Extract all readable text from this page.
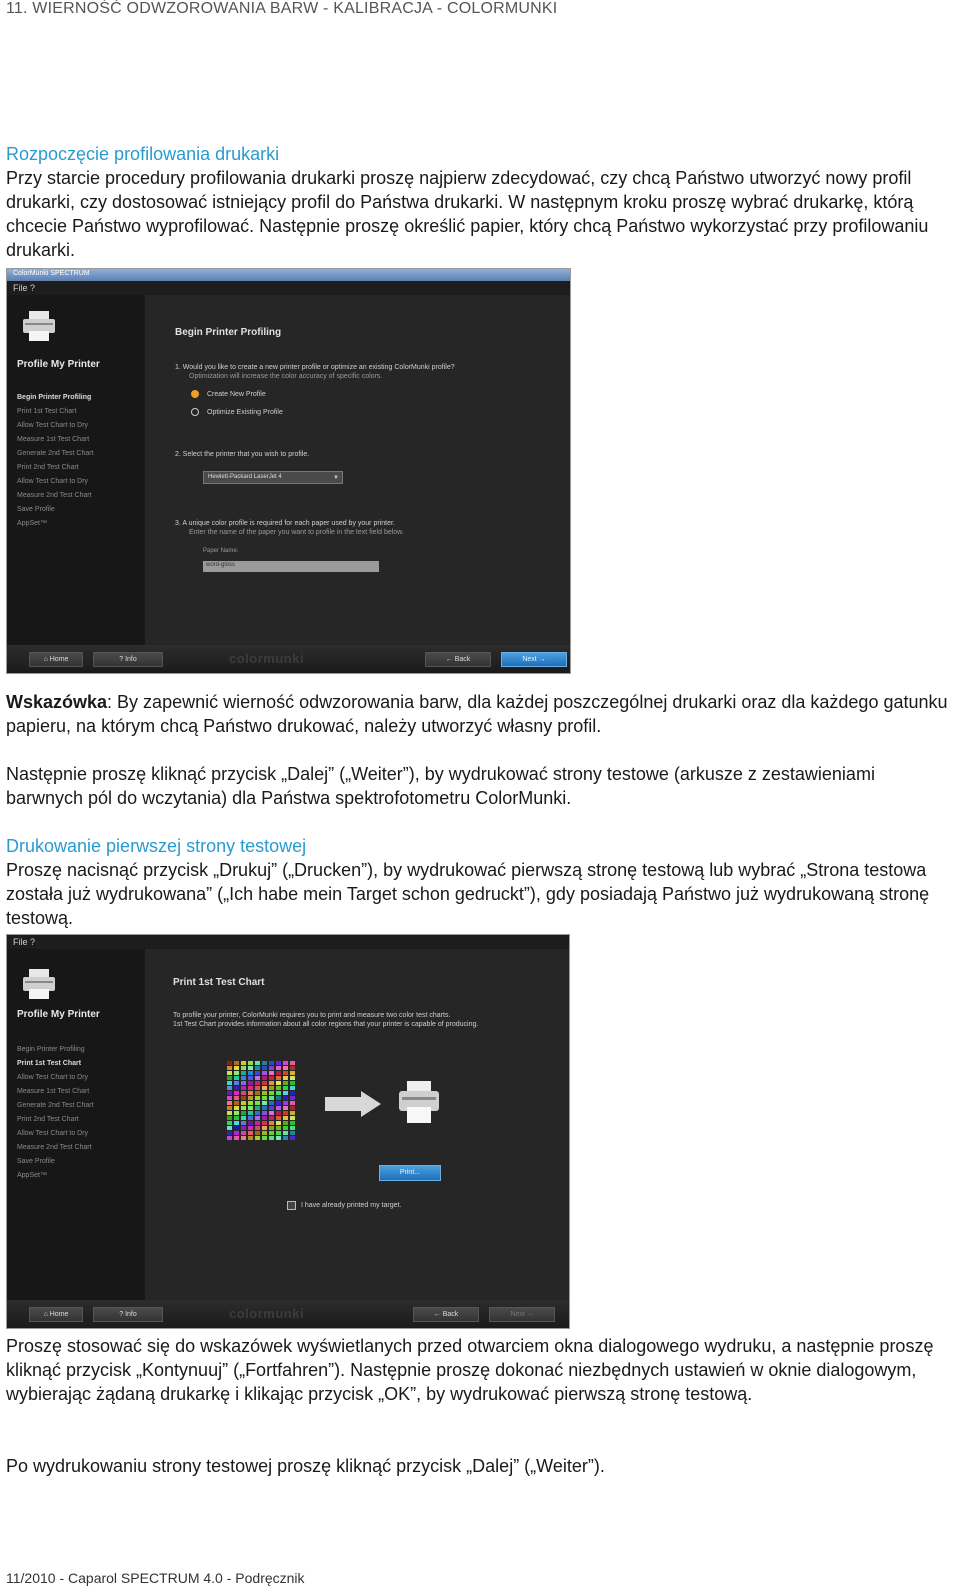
11. WIERNOŚĆ ODWZOROWANIA BARW - KALIBRACJA - COLORMUNKI

Rozpoczęcie profilowania drukarki
Przy starcie procedury profilowania drukarki proszę najpierw zdecydować, czy chcą Państwo utworzyć nowy profil drukarki, czy dostosować istniejący profil do Państwa drukarki. W następnym kroku proszę wybrać drukarkę, którą chcecie Państwo wyprofilować. Następnie proszę określić papier, który chcą Państwo wykorzystać przy profilowaniu drukarki.

ColorMunki SPECTRUM
File ?
Profile My Printer
Begin Printer Profiling
Print 1st Test Chart
Allow Test Chart to Dry
Measure 1st Test Chart
Generate 2nd Test Chart
Print 2nd Test Chart
Allow Test Chart to Dry
Measure 2nd Test Chart
Save Profile
AppSet™
Begin Printer Profiling
1. Would you like to create a new printer profile or optimize an existing ColorMunki profile?
Optimization will increase the color accuracy of specific colors.
Create New Profile
Optimize Existing Profile
2. Select the printer that you wish to profile.
Hewlett-Packard LaserJet 4	▼
3. A unique color profile is required for each paper used by your printer.
Enter the name of the paper you want to profile in the text field below.
Paper Name:
word-gloss
⌂ Home	? Info	colormunki	← Back	Next →

Wskazówka: By zapewnić wierność odwzorowania barw, dla każdej poszczególnej drukarki oraz dla każdego gatunku papieru, na którym chcą Państwo drukować, należy utworzyć własny profil.

Następnie proszę kliknąć przycisk „Dalej” („Weiter”), by wydrukować strony testowe (arkusze z zestawieniami barwnych pól do wczytania) dla Państwa spektrofotometru ColorMunki.

Drukowanie pierwszej strony testowej
Proszę nacisnąć przycisk „Drukuj” („Drucken”), by wydrukować pierwszą stronę testową lub wybrać „Strona testowa została już wydrukowana” („Ich habe mein Target schon gedruckt”), gdy posiadają Państwo już wydrukowaną stronę testową.

File ?
Profile My Printer
Begin Printer Profiling
Print 1st Test Chart
Allow Test Chart to Dry
Measure 1st Test Chart
Generate 2nd Test Chart
Print 2nd Test Chart
Allow Test Chart to Dry
Measure 2nd Test Chart
Save Profile
AppSet™
Print 1st Test Chart
To profile your printer, ColorMunki requires you to print and measure two color test charts.
1st Test Chart provides information about all color regions that your printer is capable of producing.
Print...
I have already printed my target.
⌂ Home	? Info	colormunki	← Back	Next →

Proszę stosować się do wskazówek wyświetlanych przed otwarciem okna dialogowego wydruku, a następnie proszę kliknąć przycisk „Kontynuuj” („Fortfahren”). Następnie proszę dokonać niezbędnych ustawień w oknie dialogowym, wybierając żądaną drukarkę i klikając przycisk „OK”, by wydrukować pierwszą stronę testową.

Po wydrukowaniu strony testowej proszę kliknąć przycisk „Dalej” („Weiter”).

11/2010 - Caparol SPECTRUM 4.0 - Podręcznik
